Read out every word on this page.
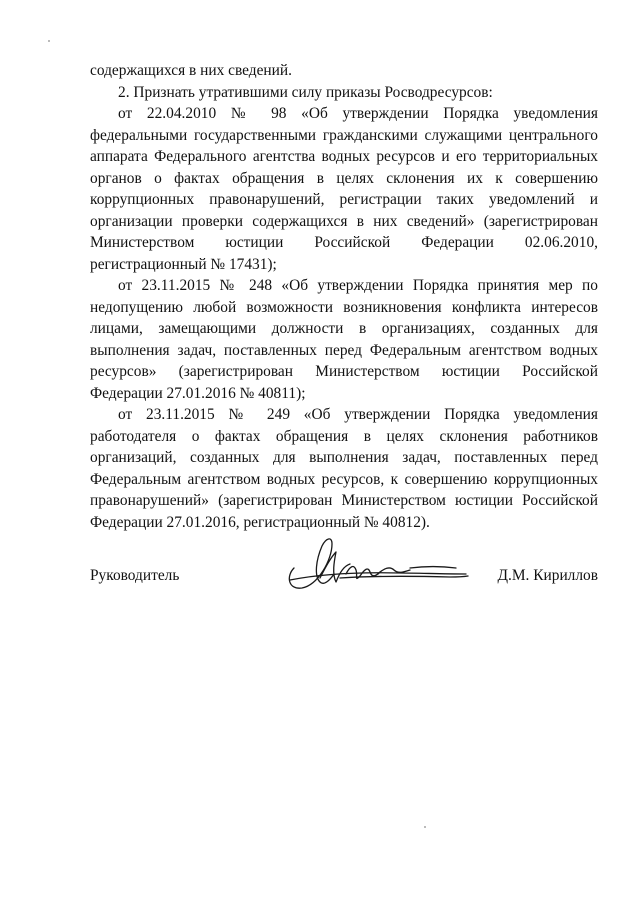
содержащихся в них сведений.

2. Признать утратившими силу приказы Росводресурсов:

от 22.04.2010 № 98 «Об утверждении Порядка уведомления федеральными государственными гражданскими служащими центрального аппарата Федерального агентства водных ресурсов и его территориальных органов о фактах обращения в целях склонения их к совершению коррупционных правонарушений, регистрации таких уведомлений и организации проверки содержащихся в них сведений» (зарегистрирован Министерством юстиции Российской Федерации 02.06.2010, регистрационный № 17431);

от 23.11.2015 № 248 «Об утверждении Порядка принятия мер по недопущению любой возможности возникновения конфликта интересов лицами, замещающими должности в организациях, созданных для выполнения задач, поставленных перед Федеральным агентством водных ресурсов» (зарегистрирован Министерством юстиции Российской Федерации 27.01.2016 № 40811);

от 23.11.2015 № 249 «Об утверждении Порядка уведомления работодателя о фактах обращения в целях склонения работников организаций, созданных для выполнения задач, поставленных перед Федеральным агентством водных ресурсов, к совершению коррупционных правонарушений» (зарегистрирован Министерством юстиции Российской Федерации 27.01.2016, регистрационный № 40812).

Руководитель	Д.М. Кириллов
